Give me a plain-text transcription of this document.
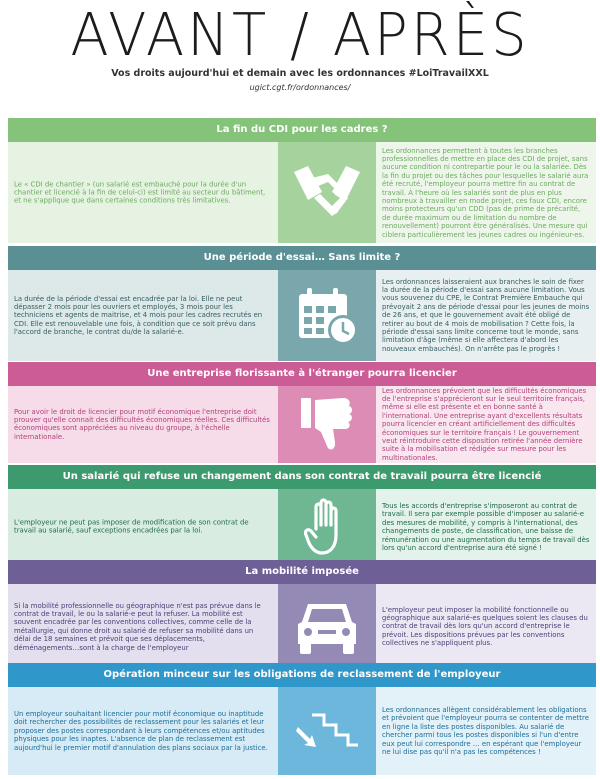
AVANT / APRÈS
Vos droits aujourd'hui et demain avec les ordonnances #LoiTravailXXL
ugict.cgt.fr/ordonnances/
La fin du CDI pour les cadres ?
Le « CDI de chantier » (un salarié est embauché pour la durée d'un chantier et licencié à la fin de celui-ci) est limité au secteur du bâtiment, et ne s'applique que dans certaines conditions très limitatives.
Les ordonnances permettent à toutes les branches professionnelles de mettre en place des CDI de projet, sans aucune condition ni contrepartie pour le ou la salariée. Dès la fin du projet ou des tâches pour lesquelles le salarié aura été recruté, l'employeur pourra mettre fin au contrat de travail. À l'heure où les salariés sont de plus en plus nombreux à travailler en mode projet, ces faux CDI, encore moins protecteurs qu'un CDD (pas de prime de précarité, de durée maximum ou de limitation du nombre de renouvellement) pourront être généralisés. Une mesure qui ciblera particulièrement les jeunes cadres ou ingénieur-es.
Une période d'essai… Sans limite ?
La durée de la période d'essai est encadrée par la loi. Elle ne peut dépasser 2 mois pour les ouvriers et employés, 3 mois pour les techniciens et agents de maitrise, et 4 mois pour les cadres recrutés en CDI. Elle est renouvelable une fois, à condition que ce soit prévu dans l'accord de branche, le contrat du/de la salarié-e.
Les ordonnances laisseraient aux branches le soin de fixer la durée de la période d'essai sans aucune limitation. Vous vous souvenez du CPE, le Contrat Première Embauche qui prévoyait 2 ans de période d'essai pour les jeunes de moins de 26 ans, et que le gouvernement avait été obligé de retirer au bout de 4 mois de mobilisation ? Cette fois, la période d'essai sans limite concerne tout le monde, sans limitation d'âge (même si elle affectera d'abord les nouveaux embauchés). On n'arrête pas le progrès !
Une entreprise florissante à l'étranger pourra licencier
Pour avoir le droit de licencier pour motif économique l'entreprise doit prouver qu'elle connait des difficultés économiques réelles. Ces difficultés économiques sont appréciées au niveau du groupe, à l'échelle internationale.
Les ordonnances prévoient que les difficultés économiques de l'entreprise s'apprécieront sur le seul territoire français, même si elle est présente et en bonne santé à l'international. Une entreprise ayant d'excellents résultats pourra licencier en créant artificiellement des difficultés économiques sur le territoire français ! Le gouvernement veut réintroduire cette disposition retirée l'année dernière suite à la mobilisation et rédigée sur mesure pour les multinationales.
Un salarié qui refuse un changement dans son contrat de travail pourra être licencié
L'employeur ne peut pas imposer de modification de son contrat de travail au salarié, sauf exceptions encadrées par la loi.
Tous les accords d'entreprise s'imposeront au contrat de travail. Il sera par exemple possible d'imposer au salarié-e des mesures de mobilité, y compris à l'international, des changements de poste, de classification, une baisse de rémunération ou une augmentation du temps de travail dès lors qu'un accord d'entreprise aura été signé !
La mobilité imposée
Si la mobilité professionnelle ou géographique n'est pas prévue dans le contrat de travail, le ou la salarié-e peut la refuser. La mobilité est souvent encadrée par les conventions collectives, comme celle de la métallurgie, qui donne droit au salarié de refuser sa mobilité dans un délai de 18 semaines et prévoit que ses déplacements, déménagements…sont à la charge de l'employeur
L'employeur peut imposer la mobilité fonctionnelle ou géographique aux salarié-es quelques soient les clauses du contrat de travail dès lors qu'un accord d'entreprise le prévoit. Les dispositions prévues par les conventions collectives ne s'appliquent plus.
Opération minceur sur les obligations de reclassement de l'employeur
Un employeur souhaitant licencier pour motif économique ou inaptitude doit rechercher des possibilités de reclassement pour les salariés et leur proposer des postes correspondant à leurs compétences et/ou aptitudes physiques pour les inaptes. L'absence de plan de reclassement est aujourd'hui le premier motif d'annulation des plans sociaux par la justice.
Les ordonnances allègent considérablement les obligations et prévoient que l'employeur pourra se contenter de mettre en ligne la liste des postes disponibles. Au salarié de chercher parmi tous les postes disponibles si l'un d'entre eux peut lui correspondre … en espérant que l'employeur ne lui dise pas qu'il n'a pas les compétences !
